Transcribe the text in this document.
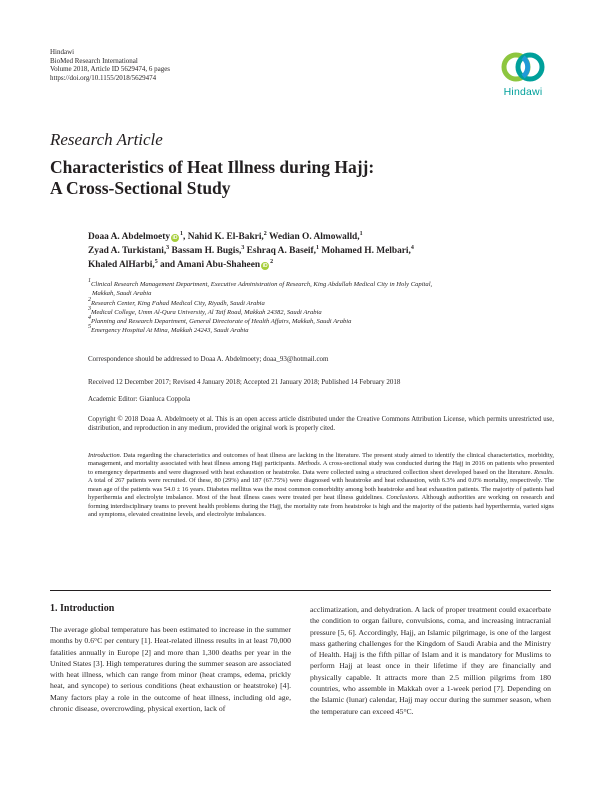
Hindawi
BioMed Research International
Volume 2018, Article ID 5629474, 6 pages
https://doi.org/10.1155/2018/5629474
Hindawi
Research Article
Characteristics of Heat Illness during Hajj:
A Cross-Sectional Study
Doaa A. Abdelmoety $iD^1$, Nahid K. El-Bakri,$^2$ Wedian O. Almowalld,$^1$
Zyad A. Turkistani,$^3$ Bassam H. Bugis,$^3$ Eshraq A. Baseif,$^1$ Mohamed H. Melbari,$^4$
Khaled AlHarbi,$^5$ and Amani Abu-Shaheen $iD^2$
$^1$Clinical Research Management Department, Executive Administration of Research, King Abdullah Medical City in Holy Capital,
Makkah, Saudi Arabia
$^2$Research Center, King Fahad Medical City, Riyadh, Saudi Arabia
$^3$Medical College, Umm Al-Qura University, Al Taif Road, Makkah 24382, Saudi Arabia
$^4$Planning and Research Department, General Directorate of Health Affairs, Makkah, Saudi Arabia
$^5$Emergency Hospital At Mina, Makkah 24243, Saudi Arabia
Correspondence should be addressed to Doaa A. Abdelmoety; doaa_93@hotmail.com
Received 12 December 2017; Revised 4 January 2018; Accepted 21 January 2018; Published 14 February 2018
Academic Editor: Gianluca Coppola
Copyright © 2018 Doaa A. Abdelmoety et al. This is an open access article distributed under the Creative Commons Attribution License, which permits unrestricted use, distribution, and reproduction in any medium, provided the original work is properly cited.
Introduction. Data regarding the characteristics and outcomes of heat illness are lacking in the literature. The present study aimed to identify the clinical characteristics, morbidity, management, and mortality associated with heat illness among Hajj participants. Methods. A cross-sectional study was conducted during the Hajj in 2016 on patients who presented to emergency departments and were diagnosed with heat exhaustion or heatstroke. Data were collected using a structured collection sheet developed based on the literature. Results. A total of 267 patients were recruited. Of these, 80 (29%) and 187 (67.75%) were diagnosed with heatstroke and heat exhaustion, with 6.3% and 0.0% mortality, respectively. The mean age of the patients was 54.0 ± 16 years. Diabetes mellitus was the most common comorbidity among both heatstroke and heat exhaustion patients. The majority of patients had hyperthermia and electrolyte imbalance. Most of the heat illness cases were treated per heat illness guidelines. Conclusions. Although authorities are working on research and forming interdisciplinary teams to prevent health problems during the Hajj, the mortality rate from heatstroke is high and the majority of the patients had hyperthermia, varied signs and symptoms, elevated creatinine levels, and electrolyte imbalances.
1. Introduction

The average global temperature has been estimated to increase in the summer months by 0.6°C per century [1]. Heat-related illness results in at least 70,000 fatalities annually in Europe [2] and more than 1,300 deaths per year in the United States [3]. High temperatures during the summer season are associated with heat illness, which can range from minor (heat cramps, edema, prickly heat, and syncope) to serious conditions (heat exhaustion or heatstroke) [4]. Many factors play a role in the outcome of heat illness, including old age, chronic disease, overcrowding, physical exertion, lack of

acclimatization, and dehydration. A lack of proper treatment could exacerbate the condition to organ failure, convulsions, coma, and increasing intracranial pressure [5, 6]. Accordingly, Hajj, an Islamic pilgrimage, is one of the largest mass gathering challenges for the Kingdom of Saudi Arabia and the Ministry of Health. Hajj is the fifth pillar of Islam and it is mandatory for Muslims to perform Hajj at least once in their lifetime if they are financially and physically capable. It attracts more than 2.5 million pilgrims from 180 countries, who assemble in Makkah over a 1-week period [7]. Depending on the Islamic (lunar) calendar, Hajj may occur during the summer season, when the temperature can exceed 45°C.
